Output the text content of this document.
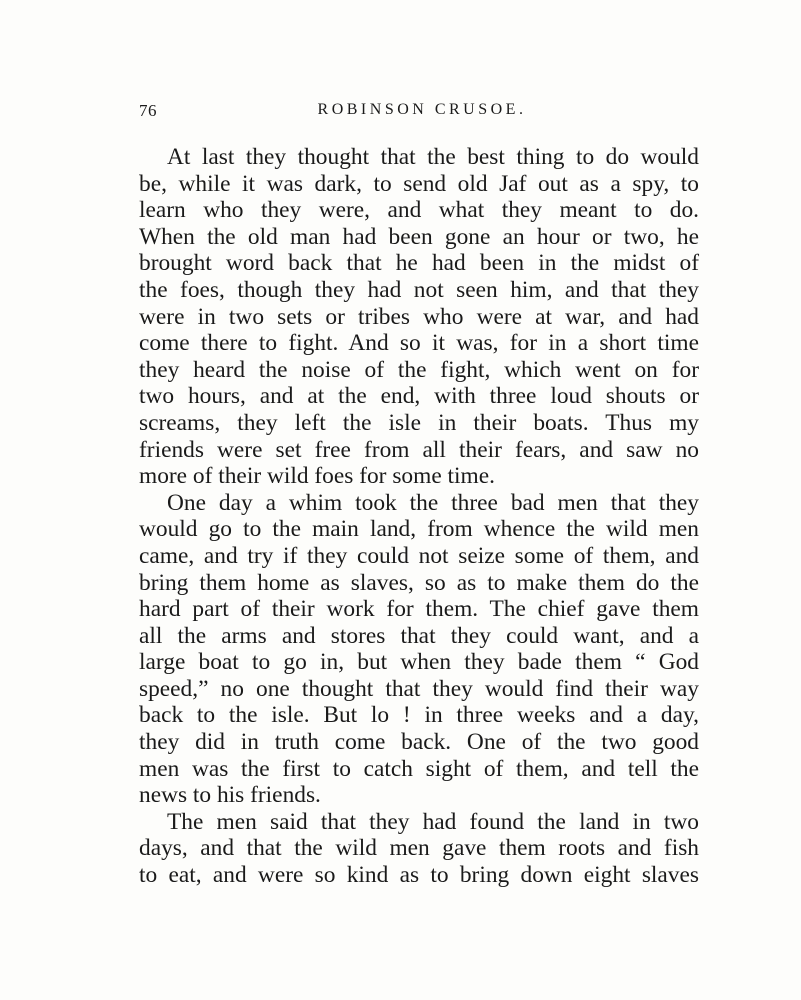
76	ROBINSON CRUSOE.
At last they thought that the best thing to do would
be, while it was dark, to send old Jaf out as a spy, to
learn who they were, and what they meant to do.
When the old man had been gone an hour or two, he
brought word back that he had been in the midst of
the foes, though they had not seen him, and that they
were in two sets or tribes who were at war, and had
come there to fight. And so it was, for in a short time
they heard the noise of the fight, which went on for
two hours, and at the end, with three loud shouts or
screams, they left the isle in their boats. Thus my
friends were set free from all their fears, and saw no
more of their wild foes for some time.
One day a whim took the three bad men that they
would go to the main land, from whence the wild men
came, and try if they could not seize some of them, and
bring them home as slaves, so as to make them do the
hard part of their work for them. The chief gave them
all the arms and stores that they could want, and a
large boat to go in, but when they bade them “ God
speed,” no one thought that they would find their way
back to the isle. But lo ! in three weeks and a day,
they did in truth come back. One of the two good
men was the first to catch sight of them, and tell the
news to his friends.
The men said that they had found the land in two
days, and that the wild men gave them roots and fish
to eat, and were so kind as to bring down eight slaves
